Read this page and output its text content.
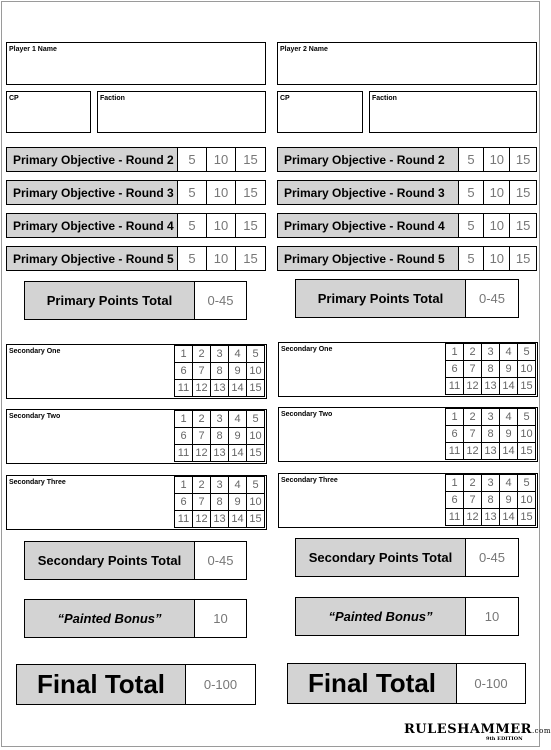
Player 1 Name
CP	Faction
Primary Objective - Round 2	5	10	15
Primary Objective - Round 3	5	10	15
Primary Objective - Round 4	5	10	15
Primary Objective - Round 5	5	10	15
Primary Points Total	0-45
Secondary One	1	2	3	4	5
6	7	8	9 10
11 12 13 14 15
Secondary Two	1	2	3	4	5
6	7	8	9 10
11 12 13 14 15
Secondary Three	1	2	3	4	5
6	7	8	9 10
11 12 13 14 15
Secondary Points Total	0-45
“Painted Bonus”	10
Final Total	0-100
Player 2 Name
CP	Faction
Primary Objective - Round 2	5	10 15
Primary Objective - Round 3	5	10 15
Primary Objective - Round 4	5	10 15
Primary Objective - Round 5	5	10 15
Primary Points Total	0-45
Secondary One	1	2	3	4	5
6	7	8	9 10
11 12 13 14 15
Secondary Two	1	2	3	4	5
6	7	8	9 10
11 12 13 14 15
Secondary Three	1	2	3	4	5
6	7	8	9 10
11 12 13 14 15
Secondary Points Total	0-45
“Painted Bonus”	10
Final Total	0-100
RULESHAMMER.com
9th EDITION
